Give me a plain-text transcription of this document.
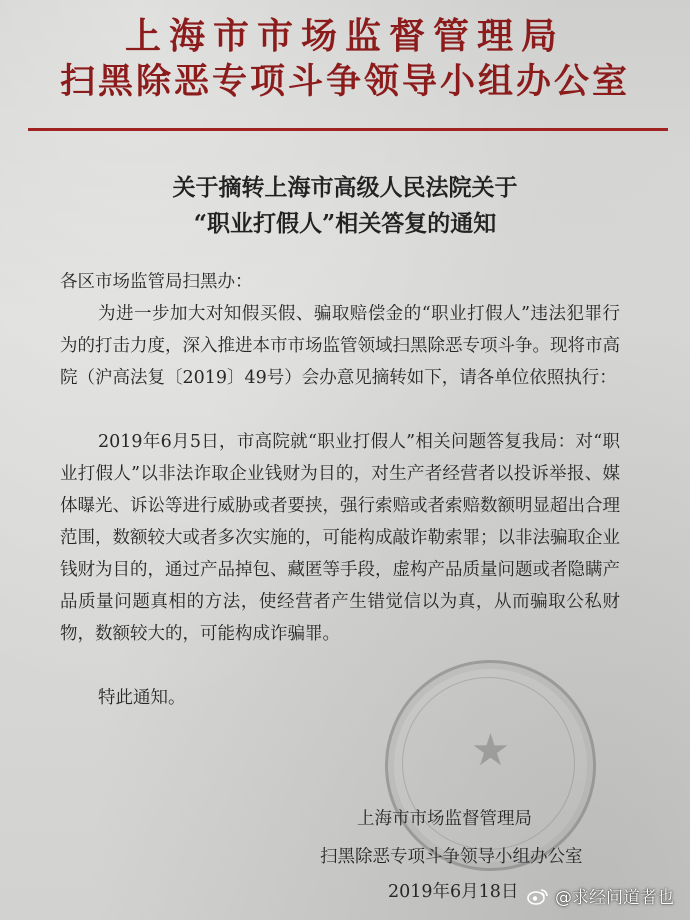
上海市市场监督管理局
扫黑除恶专项斗争领导小组办公室
关于摘转上海市高级人民法院关于
“职业打假人”相关答复的通知
各区市场监管局扫黑办：
为进一步加大对知假买假、骗取赔偿金的“职业打假人”违法犯罪行为的打击力度，深入推进本市市场监管领域扫黑除恶专项斗争。现将市高院（沪高法复〔2019〕49号）会办意见摘转如下，请各单位依照执行：
2019年6月5日，市高院就“职业打假人”相关问题答复我局：对“职业打假人”以非法诈取企业钱财为目的，对生产者经营者以投诉举报、媒体曝光、诉讼等进行威胁或者要挟，强行索赔或者索赔数额明显超出合理范围，数额较大或者多次实施的，可能构成敲诈勒索罪；以非法骗取企业钱财为目的，通过产品掉包、藏匿等手段，虚构产品质量问题或者隐瞒产品质量问题真相的方法，使经营者产生错觉信以为真，从而骗取公私财物，数额较大的，可能构成诈骗罪。
特此通知。
★
上海市市场监督管理局
扫黑除恶专项斗争领导小组办公室
2019年6月18日	@求经问道者也
